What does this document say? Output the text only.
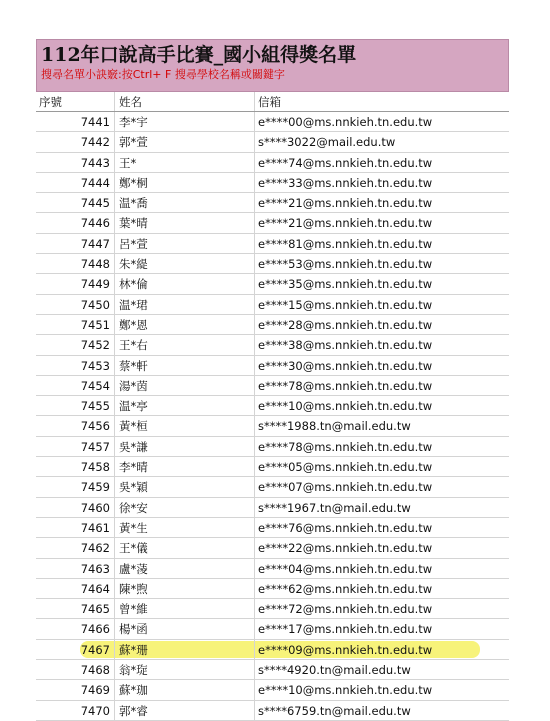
112年口說高手比賽_國小組得獎名單
搜尋名單小訣竅:按Ctrl+ F 搜尋學校名稱或關鍵字
序號	姓名	信箱
7441 李*宇	e****00@ms.nnkieh.tn.edu.tw
7442 郭*萱	s****3022@mail.edu.tw
7443 王*	e****74@ms.nnkieh.tn.edu.tw
7444 鄭*桐	e****33@ms.nnkieh.tn.edu.tw
7445 温*喬	e****21@ms.nnkieh.tn.edu.tw
7446 葉*晴	e****21@ms.nnkieh.tn.edu.tw
7447 呂*萱	e****81@ms.nnkieh.tn.edu.tw
7448 朱*緹	e****53@ms.nnkieh.tn.edu.tw
7449 林*倫	e****35@ms.nnkieh.tn.edu.tw
7450 温*珺	e****15@ms.nnkieh.tn.edu.tw
7451 鄭*恩	e****28@ms.nnkieh.tn.edu.tw
7452 王*右	e****38@ms.nnkieh.tn.edu.tw
7453 蔡*軒	e****30@ms.nnkieh.tn.edu.tw
7454 湯*茵	e****78@ms.nnkieh.tn.edu.tw
7455 温*亭	e****10@ms.nnkieh.tn.edu.tw
7456 黃*桓	s****1988.tn@mail.edu.tw
7457 吳*謙	e****78@ms.nnkieh.tn.edu.tw
7458 李*晴	e****05@ms.nnkieh.tn.edu.tw
7459 吳*穎	e****07@ms.nnkieh.tn.edu.tw
7460 徐*安	s****1967.tn@mail.edu.tw
7461 黃*生	e****76@ms.nnkieh.tn.edu.tw
7462 王*儀	e****22@ms.nnkieh.tn.edu.tw
7463 盧*蓤	e****04@ms.nnkieh.tn.edu.tw
7464 陳*煦	e****62@ms.nnkieh.tn.edu.tw
7465 曾*維	e****72@ms.nnkieh.tn.edu.tw
7466 楊*函	e****17@ms.nnkieh.tn.edu.tw
7467 蘇*珊	e****09@ms.nnkieh.tn.edu.tw
7468 翁*琁	s****4920.tn@mail.edu.tw
7469 蘇*珈	e****10@ms.nnkieh.tn.edu.tw
7470 郭*睿	s****6759.tn@mail.edu.tw
